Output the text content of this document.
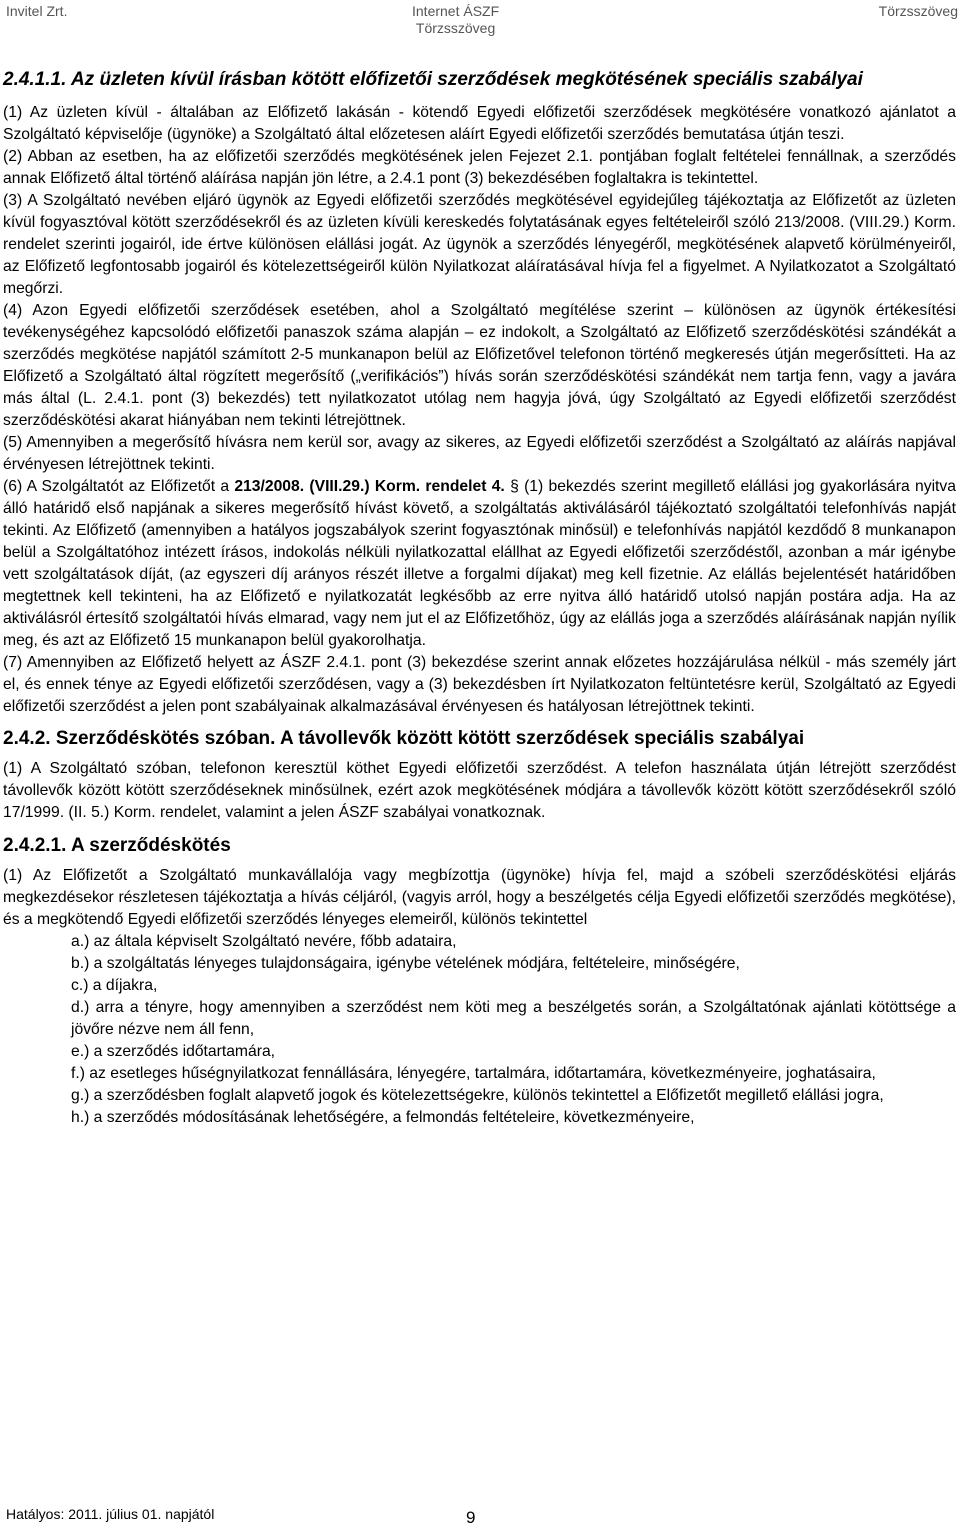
Invitel Zrt.	Internet ÁSZF
Törzsszöveg
Törzsszöveg
2.4.1.1. Az üzleten kívül írásban kötött előfizetői szerződések megkötésének speciális szabályai

(1) Az üzleten kívül - általában az Előfizető lakásán - kötendő Egyedi előfizetői szerződések megkötésére vonatkozó ajánlatot a Szolgáltató képviselője (ügynöke) a Szolgáltató által előzetesen aláírt Egyedi előfizetői szerződés bemutatása útján teszi.

(2) Abban az esetben, ha az előfizetői szerződés megkötésének jelen Fejezet 2.1. pontjában foglalt feltételei fennállnak, a szerződés annak Előfizető által történő aláírása napján jön létre, a 2.4.1 pont (3) bekezdésében foglaltakra is tekintettel.

(3) A Szolgáltató nevében eljáró ügynök az Egyedi előfizetői szerződés megkötésével egyidejűleg tájékoztatja az Előfizetőt az üzleten kívül fogyasztóval kötött szerződésekről és az üzleten kívüli kereskedés folytatásának egyes feltételeiről szóló 213/2008. (VIII.29.) Korm. rendelet szerinti jogairól, ide értve különösen elállási jogát. Az ügynök a szerződés lényegéről, megkötésének alapvető körülményeiről, az Előfizető legfontosabb jogairól és kötelezettségeiről külön Nyilatkozat aláíratásával hívja fel a figyelmet. A Nyilatkozatot a Szolgáltató megőrzi.

(4) Azon Egyedi előfizetői szerződések esetében, ahol a Szolgáltató megítélése szerint – különösen az ügynök értékesítési tevékenységéhez kapcsolódó előfizetői panaszok száma alapján – ez indokolt, a Szolgáltató az Előfizető szerződéskötési szándékát a szerződés megkötése napjától számított 2-5 munkanapon belül az Előfizetővel telefonon történő megkeresés útján megerősítteti. Ha az Előfizető a Szolgáltató által rögzített megerősítő („verifikációs”) hívás során szerződéskötési szándékát nem tartja fenn, vagy a javára más által (L. 2.4.1. pont (3) bekezdés) tett nyilatkozatot utólag nem hagyja jóvá, úgy Szolgáltató az Egyedi előfizetői szerződést szerződéskötési akarat hiányában nem tekinti létrejöttnek.

(5) Amennyiben a megerősítő hívásra nem kerül sor, avagy az sikeres, az Egyedi előfizetői szerződést a Szolgáltató az aláírás napjával érvényesen létrejöttnek tekinti.

(6) A Szolgáltatót az Előfizetőt a 213/2008. (VIII.29.) Korm. rendelet 4. § (1) bekezdés szerint megillető elállási jog gyakorlására nyitva álló határidő első napjának a sikeres megerősítő hívást követő, a szolgáltatás aktiválásáról tájékoztató szolgáltatói telefonhívás napját tekinti. Az Előfizető (amennyiben a hatályos jogszabályok szerint fogyasztónak minősül) e telefonhívás napjától kezdődő 8 munkanapon belül a Szolgáltatóhoz intézett írásos, indokolás nélküli nyilatkozattal elállhat az Egyedi előfizetői szerződéstől, azonban a már igénybe vett szolgáltatások díját, (az egyszeri díj arányos részét illetve a forgalmi díjakat) meg kell fizetnie. Az elállás bejelentését határidőben megtettnek kell tekinteni, ha az Előfizető e nyilatkozatát legkésőbb az erre nyitva álló határidő utolsó napján postára adja. Ha az aktiválásról értesítő szolgáltatói hívás elmarad, vagy nem jut el az Előfizetőhöz, úgy az elállás joga a szerződés aláírásának napján nyílik meg, és azt az Előfizető 15 munkanapon belül gyakorolhatja.

(7) Amennyiben az Előfizető helyett az ÁSZF 2.4.1. pont (3) bekezdése szerint annak előzetes hozzájárulása nélkül - más személy járt el, és ennek ténye az Egyedi előfizetői szerződésen, vagy a (3) bekezdésben írt Nyilatkozaton feltüntetésre kerül, Szolgáltató az Egyedi előfizetői szerződést a jelen pont szabályainak alkalmazásával érvényesen és hatályosan létrejöttnek tekinti.

2.4.2. Szerződéskötés szóban. A távollevők között kötött szerződések speciális szabályai

(1) A Szolgáltató szóban, telefonon keresztül köthet Egyedi előfizetői szerződést. A telefon használata útján létrejött szerződést távollevők között kötött szerződéseknek minősülnek, ezért azok megkötésének módjára a távollevők között kötött szerződésekről szóló 17/1999. (II. 5.) Korm. rendelet, valamint a jelen ÁSZF szabályai vonatkoznak.

2.4.2.1. A szerződéskötés

(1) Az Előfizetőt a Szolgáltató munkavállalója vagy megbízottja (ügynöke) hívja fel, majd a szóbeli szerződéskötési eljárás megkezdésekor részletesen tájékoztatja a hívás céljáról, (vagyis arról, hogy a beszélgetés célja Egyedi előfizetői szerződés megkötése), és a megkötendő Egyedi előfizetői szerződés lényeges elemeiről, különös tekintettel

a.) az általa képviselt Szolgáltató nevére, főbb adataira,

b.) a szolgáltatás lényeges tulajdonságaira, igénybe vételének módjára, feltételeire, minőségére,

c.) a díjakra,

d.) arra a tényre, hogy amennyiben a szerződést nem köti meg a beszélgetés során, a Szolgáltatónak ajánlati kötöttsége a jövőre nézve nem áll fenn,

e.) a szerződés időtartamára,

f.) az esetleges hűségnyilatkozat fennállására, lényegére, tartalmára, időtartamára, következményeire, joghatásaira,

g.) a szerződésben foglalt alapvető jogok és kötelezettségekre, különös tekintettel a Előfizetőt megillető elállási jogra,

h.) a szerződés módosításának lehetőségére, a felmondás feltételeire, következményeire,

Hatályos: 2011. július 01. napjától	9
